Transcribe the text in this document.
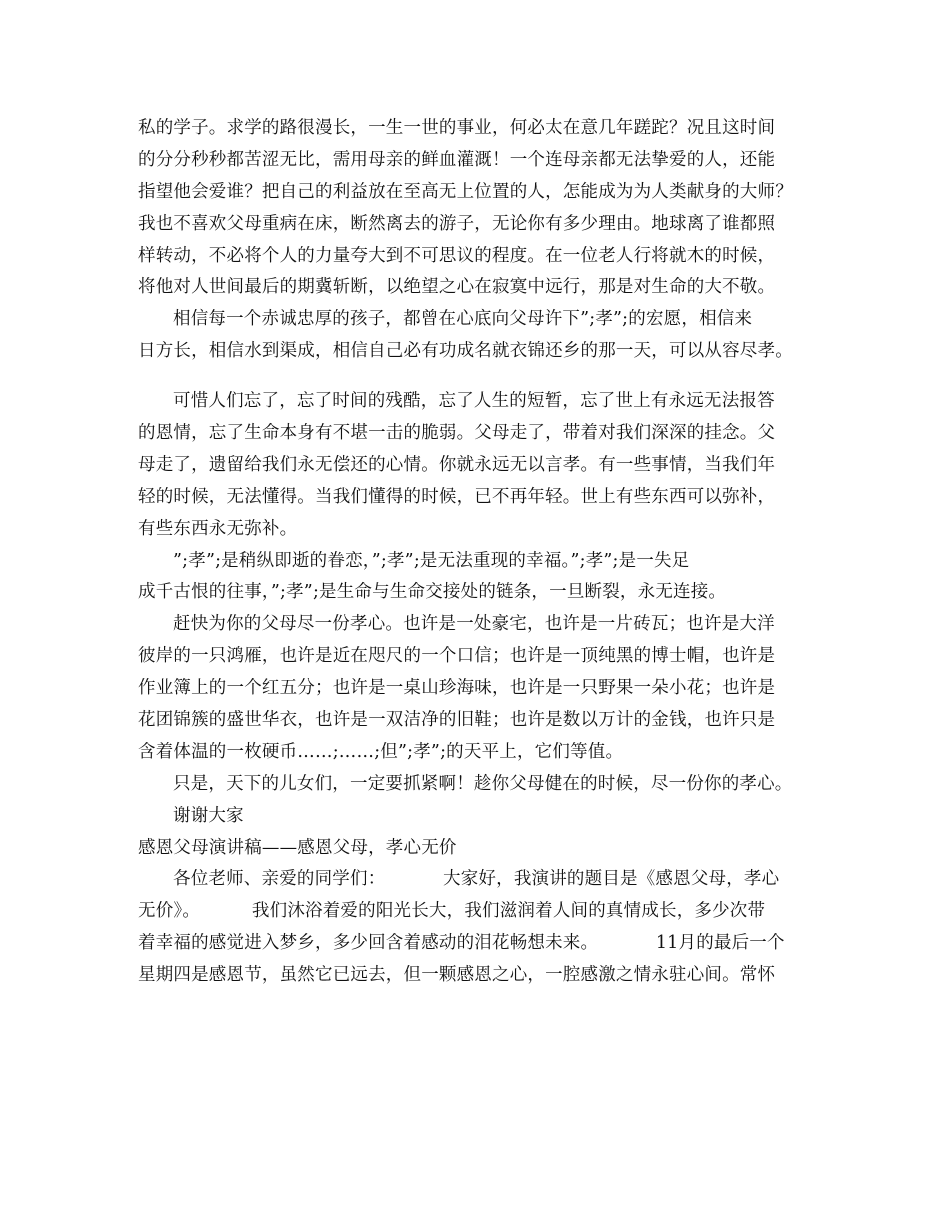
私的学子。求学的路很漫长，一生一世的事业，何必太在意几年蹉跎？况且这时间
的分分秒秒都苦涩无比，需用母亲的鲜血灌溉！一个连母亲都无法挚爱的人，还能
指望他会爱谁？把自己的利益放在至高无上位置的人，怎能成为为人类献身的大师？
我也不喜欢父母重病在床，断然离去的游子，无论你有多少理由。地球离了谁都照
样转动，不必将个人的力量夸大到不可思议的程度。在一位老人行将就木的时候，
将他对人世间最后的期冀斩断，以绝望之心在寂寞中远行，那是对生命的大不敬。
相信每一个赤诚忠厚的孩子，都曾在心底向父母许下”;孝”;的宏愿，相信来
日方长，相信水到渠成，相信自己必有功成名就衣锦还乡的那一天，可以从容尽孝。
可惜人们忘了，忘了时间的残酷，忘了人生的短暂，忘了世上有永远无法报答
的恩情，忘了生命本身有不堪一击的脆弱。父母走了，带着对我们深深的挂念。父
母走了，遗留给我们永无偿还的心情。你就永远无以言孝。有一些事情，当我们年
轻的时候，无法懂得。当我们懂得的时候，已不再年轻。世上有些东西可以弥补，
有些东西永无弥补。
”;孝”;是稍纵即逝的眷恋，”;孝”;是无法重现的幸福。”;孝”;是一失足
成千古恨的往事，”;孝”;是生命与生命交接处的链条，一旦断裂，永无连接。
赶快为你的父母尽一份孝心。也许是一处豪宅，也许是一片砖瓦；也许是大洋
彼岸的一只鸿雁，也许是近在咫尺的一个口信；也许是一顶纯黑的博士帽，也许是
作业簿上的一个红五分；也许是一桌山珍海味，也许是一只野果一朵小花；也许是
花团锦簇的盛世华衣，也许是一双洁净的旧鞋；也许是数以万计的金钱，也许只是
含着体温的一枚硬币……;……;但”;孝”;的天平上，它们等值。
只是，天下的儿女们，一定要抓紧啊！趁你父母健在的时候，尽一份你的孝心。
谢谢大家
感恩父母演讲稿——感恩父母，孝心无价
各位老师、亲爱的同学们：          大家好，我演讲的题目是《感恩父母，孝心
无价》。         我们沐浴着爱的阳光长大，我们滋润着人间的真情成长，多少次带
着幸福的感觉进入梦乡，多少回含着感动的泪花畅想未来。          11月的最后一个
星期四是感恩节，虽然它已远去，但一颗感恩之心，一腔感激之情永驻心间。常怀
